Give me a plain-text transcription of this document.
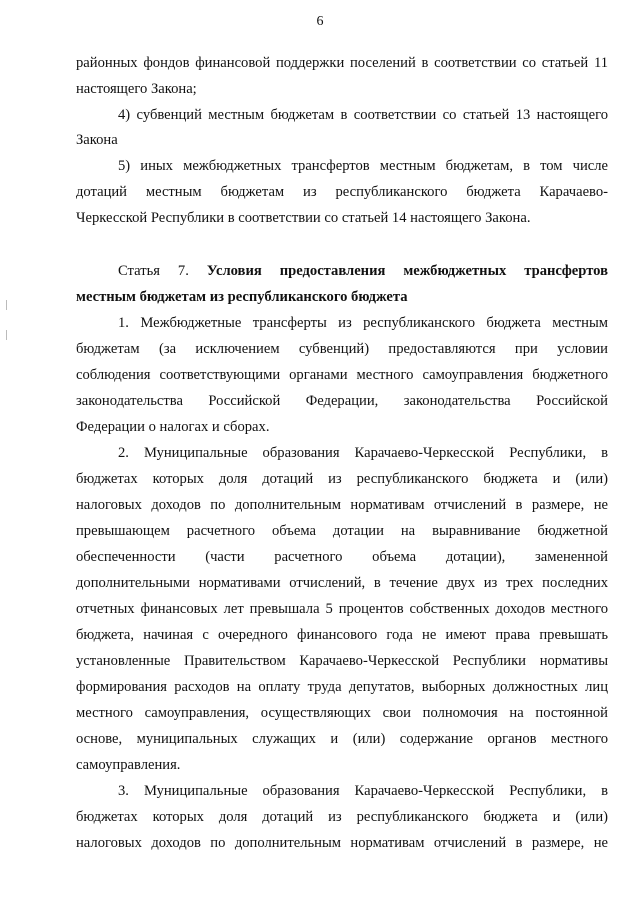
6
районных фондов финансовой поддержки поселений в соответствии со статьей 11
настоящего Закона;
4) субвенций местным бюджетам в соответствии со статьей 13 настоящего
Закона
5) иных межбюджетных трансфертов местным бюджетам, в том числе
дотаций местным бюджетам из республиканского бюджета Карачаево-
Черкесской Республики в соответствии со статьей 14 настоящего Закона.
Статья 7. Условия предоставления межбюджетных трансфертов
местным бюджетам из республиканского бюджета
1. Межбюджетные трансферты из республиканского бюджета местным
бюджетам (за исключением субвенций) предоставляются при условии
соблюдения соответствующими органами местного самоуправления бюджетного
законодательства Российской Федерации, законодательства Российской
Федерации о налогах и сборах.
2. Муниципальные образования Карачаево-Черкесской Республики, в
бюджетах которых доля дотаций из республиканского бюджета и (или)
налоговых доходов по дополнительным нормативам отчислений в размере, не
превышающем расчетного объема дотации на выравнивание бюджетной
обеспеченности (части расчетного объема дотации), замененной
дополнительными нормативами отчислений, в течение двух из трех последних
отчетных финансовых лет превышала 5 процентов собственных доходов местного
бюджета, начиная с очередного финансового года не имеют права превышать
установленные Правительством Карачаево-Черкесской Республики нормативы
формирования расходов на оплату труда депутатов, выборных должностных лиц
местного самоуправления, осуществляющих свои полномочия на постоянной
основе, муниципальных служащих и (или) содержание органов местного
самоуправления.
3. Муниципальные образования Карачаево-Черкесской Республики, в
бюджетах которых доля дотаций из республиканского бюджета и (или)
налоговых доходов по дополнительным нормативам отчислений в размере, не
